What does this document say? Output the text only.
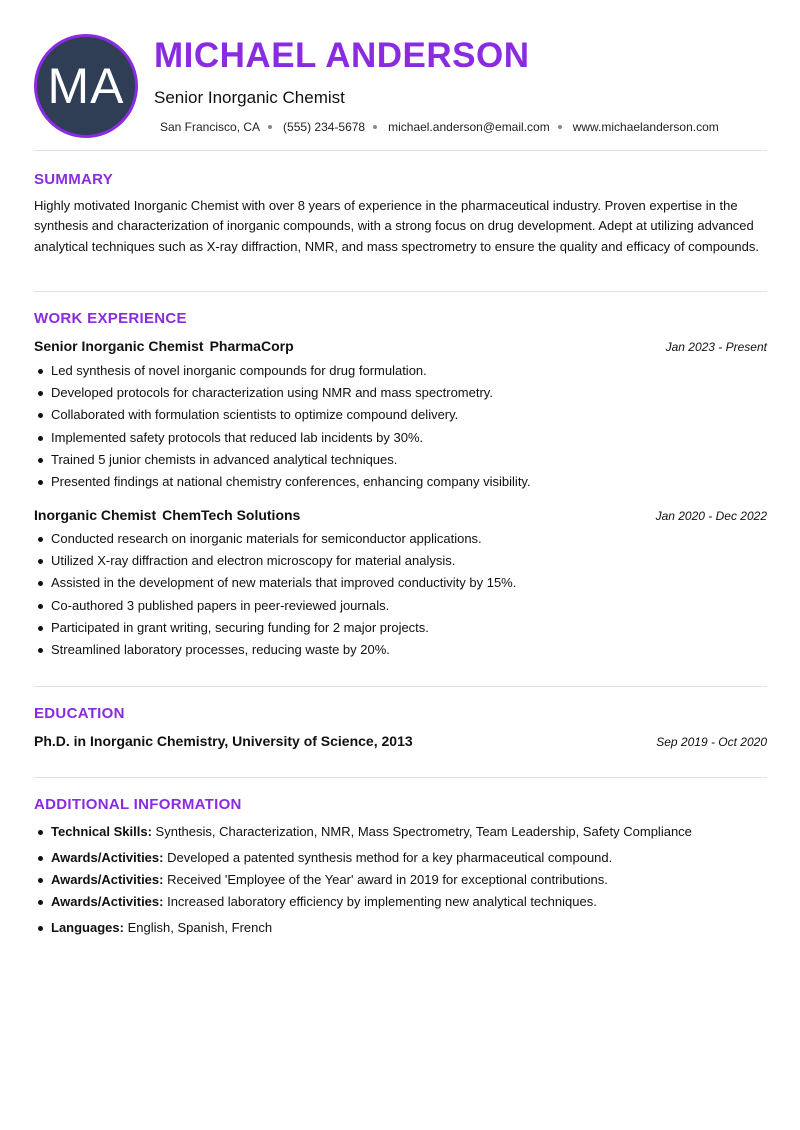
MA
MICHAEL ANDERSON
Senior Inorganic Chemist
San Francisco, CA (555) 234-5678 michael.anderson@email.com www.michaelanderson.com
SUMMARY
Highly motivated Inorganic Chemist with over 8 years of experience in the pharmaceutical industry. Proven expertise in the synthesis and characterization of inorganic compounds, with a strong focus on drug development. Adept at utilizing advanced analytical techniques such as X-ray diffraction, NMR, and mass spectrometry to ensure the quality and efficacy of compounds.
WORK EXPERIENCE
Senior Inorganic Chemist PharmaCorp	Jan 2023 - Present
Led synthesis of novel inorganic compounds for drug formulation.
Developed protocols for characterization using NMR and mass spectrometry.
Collaborated with formulation scientists to optimize compound delivery.
Implemented safety protocols that reduced lab incidents by 30%.
Trained 5 junior chemists in advanced analytical techniques.
Presented findings at national chemistry conferences, enhancing company visibility.
Inorganic Chemist ChemTech Solutions	Jan 2020 - Dec 2022
Conducted research on inorganic materials for semiconductor applications.
Utilized X-ray diffraction and electron microscopy for material analysis.
Assisted in the development of new materials that improved conductivity by 15%.
Co-authored 3 published papers in peer-reviewed journals.
Participated in grant writing, securing funding for 2 major projects.
Streamlined laboratory processes, reducing waste by 20%.
EDUCATION
Ph.D. in Inorganic Chemistry, University of Science, 2013	Sep 2019 - Oct 2020
ADDITIONAL INFORMATION
Technical Skills: Synthesis, Characterization, NMR, Mass Spectrometry, Team Leadership, Safety Compliance
Awards/Activities: Developed a patented synthesis method for a key pharmaceutical compound.
Awards/Activities: Received 'Employee of the Year' award in 2019 for exceptional contributions.
Awards/Activities: Increased laboratory efficiency by implementing new analytical techniques.
Languages: English, Spanish, French
